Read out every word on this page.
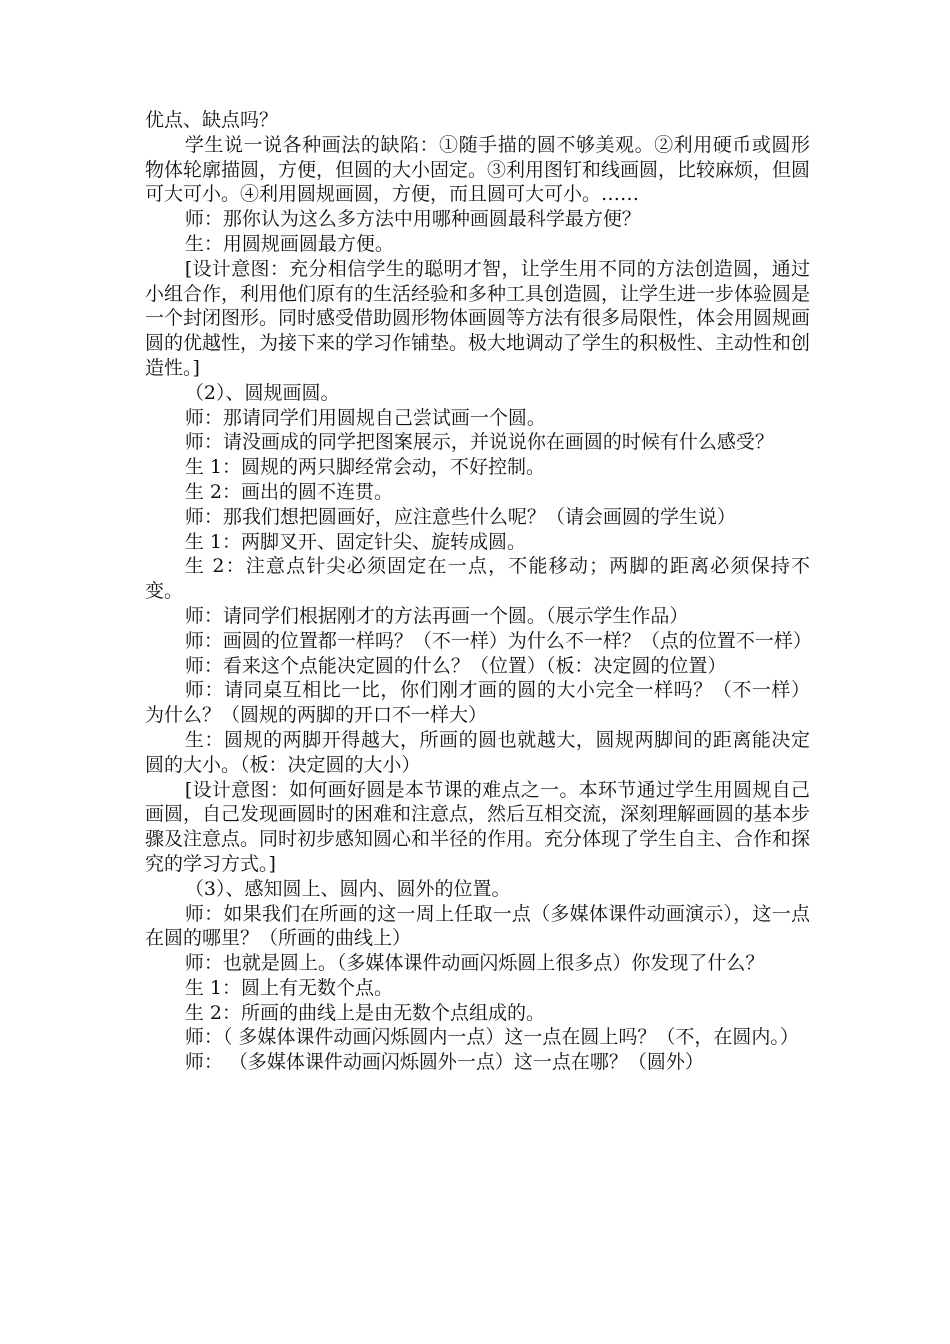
优点、缺点吗？

学生说一说各种画法的缺陷：①随手描的圆不够美观。②利用硬币或圆形物体轮廓描圆，方便，但圆的大小固定。③利用图钉和线画圆，比较麻烦，但圆可大可小。④利用圆规画圆，方便，而且圆可大可小。……

师：那你认为这么多方法中用哪种画圆最科学最方便？

生：用圆规画圆最方便。

[设计意图：充分相信学生的聪明才智，让学生用不同的方法创造圆，通过小组合作，利用他们原有的生活经验和多种工具创造圆，让学生进一步体验圆是一个封闭图形。同时感受借助圆形物体画圆等方法有很多局限性，体会用圆规画圆的优越性，为接下来的学习作铺垫。极大地调动了学生的积极性、主动性和创造性。]

（2）、圆规画圆。

师：那请同学们用圆规自己尝试画一个圆。

师：请没画成的同学把图案展示，并说说你在画圆的时候有什么感受？

生 1：圆规的两只脚经常会动，不好控制。

生 2：画出的圆不连贯。

师：那我们想把圆画好，应注意些什么呢？（请会画圆的学生说）

生 1：两脚叉开、固定针尖、旋转成圆。

生 2：注意点针尖必须固定在一点，不能移动；两脚的距离必须保持不变。

师：请同学们根据刚才的方法再画一个圆。（展示学生作品）

师：画圆的位置都一样吗？（不一样）为什么不一样？（点的位置不一样）

师：看来这个点能决定圆的什么？（位置）（板：决定圆的位置）

师：请同桌互相比一比，你们刚才画的圆的大小完全一样吗？（不一样）为什么？（圆规的两脚的开口不一样大）

生：圆规的两脚开得越大，所画的圆也就越大，圆规两脚间的距离能决定圆的大小。（板：决定圆的大小）

[设计意图：如何画好圆是本节课的难点之一。本环节通过学生用圆规自己画圆，自己发现画圆时的困难和注意点，然后互相交流，深刻理解画圆的基本步骤及注意点。同时初步感知圆心和半径的作用。充分体现了学生自主、合作和探究的学习方式。]

（3）、感知圆上、圆内、圆外的位置。

师：如果我们在所画的这一周上任取一点（多媒体课件动画演示），这一点在圆的哪里？（所画的曲线上）

师：也就是圆上。（多媒体课件动画闪烁圆上很多点）你发现了什么？

生 1：圆上有无数个点。

生 2：所画的曲线上是由无数个点组成的。

师：（ 多媒体课件动画闪烁圆内一点）这一点在圆上吗？（不，在圆内。）

师： （多媒体课件动画闪烁圆外一点）这一点在哪？（圆外）
